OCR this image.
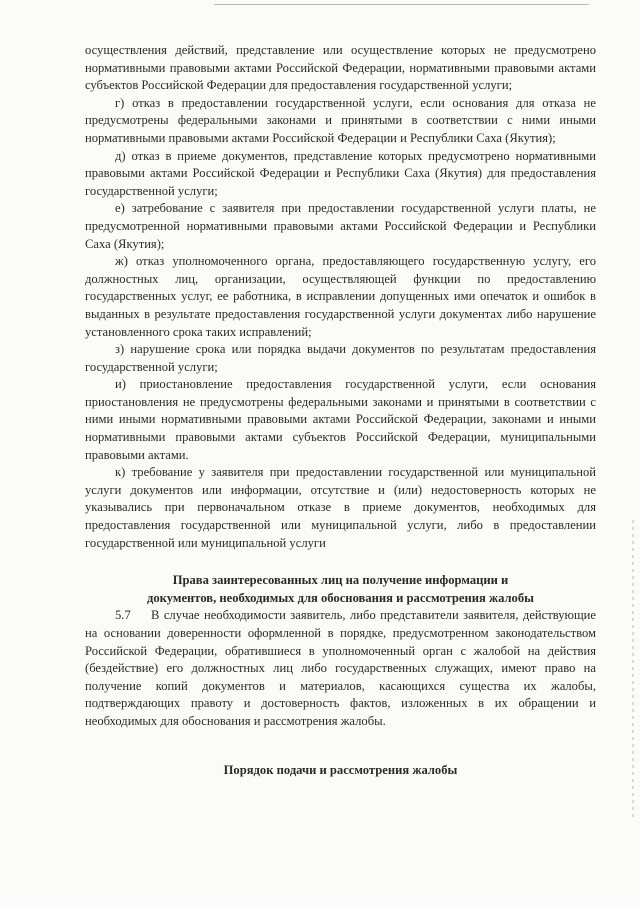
осуществления действий, представление или осуществление которых не предусмотрено нормативными правовыми актами Российской Федерации, нормативными правовыми актами субъектов Российской Федерации для предоставления государственной услуги;

г) отказ в предоставлении государственной услуги, если основания для отказа не предусмотрены федеральными законами и принятыми в соответствии с ними иными нормативными правовыми актами Российской Федерации и Республики Саха (Якутия);

д) отказ в приеме документов, представление которых предусмотрено нормативными правовыми актами Российской Федерации и Республики Саха (Якутия) для предоставления государственной услуги;

е) затребование с заявителя при предоставлении государственной услуги платы, не предусмотренной нормативными правовыми актами Российской Федерации и Республики Саха (Якутия);

ж) отказ уполномоченного органа, предоставляющего государственную услугу, его должностных лиц, организации, осуществляющей функции по предоставлению государственных услуг, ее работника, в исправлении допущенных ими опечаток и ошибок в выданных в результате предоставления государственной услуги документах либо нарушение установленного срока таких исправлений;

з) нарушение срока или порядка выдачи документов по результатам предоставления государственной услуги;

и) приостановление предоставления государственной услуги, если основания приостановления не предусмотрены федеральными законами и принятыми в соответствии с ними иными нормативными правовыми актами Российской Федерации, законами и иными нормативными правовыми актами субъектов Российской Федерации, муниципальными правовыми актами.

к) требование у заявителя при предоставлении государственной или муниципальной услуги документов или информации, отсутствие и (или) недостоверность которых не указывались при первоначальном отказе в приеме документов, необходимых для предоставления государственной или муниципальной услуги, либо в предоставлении государственной или муниципальной услуги

Права заинтересованных лиц на получение информации и

документов, необходимых для обоснования и рассмотрения жалобы

5.7 В случае необходимости заявитель, либо представители заявителя, действующие на основании доверенности оформленной в порядке, предусмотренном законодательством Российской Федерации, обратившиеся в уполномоченный орган с жалобой на действия (бездействие) его должностных лиц либо государственных служащих, имеют право на получение копий документов и материалов, касающихся существа их жалобы, подтверждающих правоту и достоверность фактов, изложенных в их обращении и необходимых для обоснования и рассмотрения жалобы.

Порядок подачи и рассмотрения жалобы
